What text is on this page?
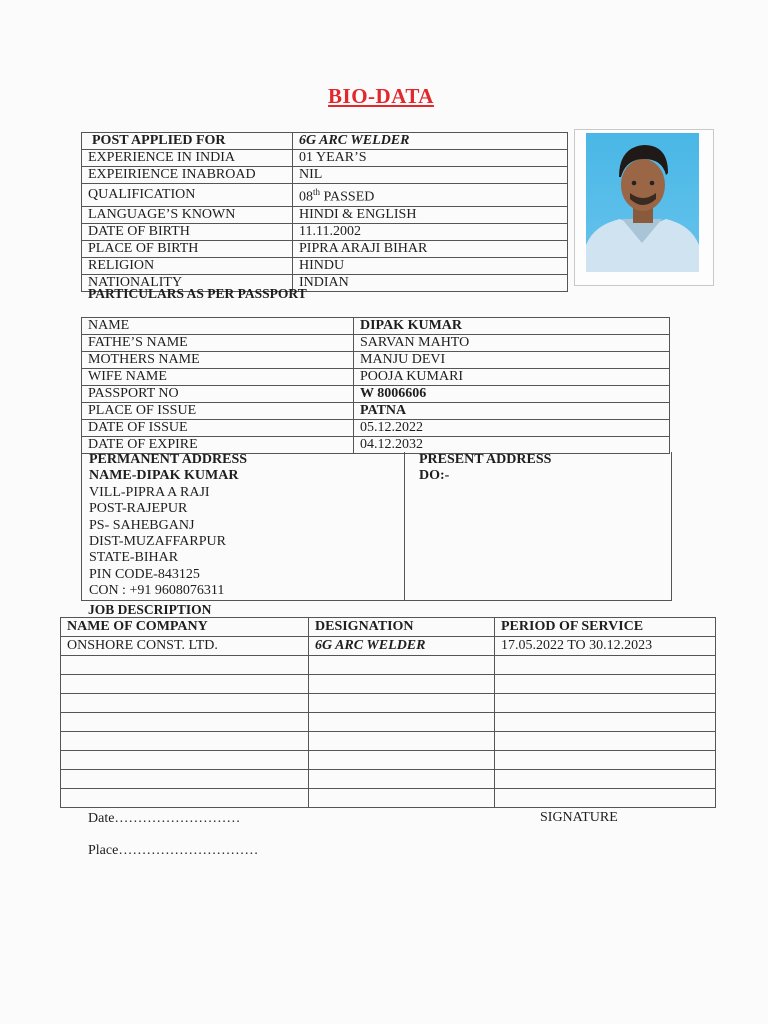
BIO-DATA
POST APPLIED FOR	6G ARC WELDER
EXPERIENCE IN INDIA	01 YEAR’S
EXPEIRIENCE INABROAD	NIL
QUALIFICATION	08th PASSED
LANGUAGE’S KNOWN	HINDI & ENGLISH
DATE OF BIRTH	11.11.2002
PLACE OF BIRTH	PIPRA ARAJI BIHAR
RELIGION	HINDU
NATIONALITY	INDIAN
PARTICULARS AS PER PASSPORT
NAME	DIPAK KUMAR
FATHE’S NAME	SARVAN MAHTO
MOTHERS NAME	MANJU DEVI
WIFE NAME	POOJA KUMARI
PASSPORT NO	W 8006606
PLACE OF ISSUE	PATNA
DATE OF ISSUE	05.12.2022
DATE OF EXPIRE	04.12.2032
PERMANENT ADDRESS
NAME-DIPAK KUMAR
VILL-PIPRA A RAJI
POST-RAJEPUR
PS- SAHEBGANJ
DIST-MUZAFFARPUR
STATE-BIHAR
PIN CODE-843125
CON : +91 9608076311
PRESENT ADDRESS
DO:-
JOB DESCRIPTION
NAME OF COMPANY	DESIGNATION	PERIOD OF SERVICE
ONSHORE CONST. LTD.	6G ARC WELDER	17.05.2022 TO 30.12.2023

Date………………………
Place…………………………
SIGNATURE
